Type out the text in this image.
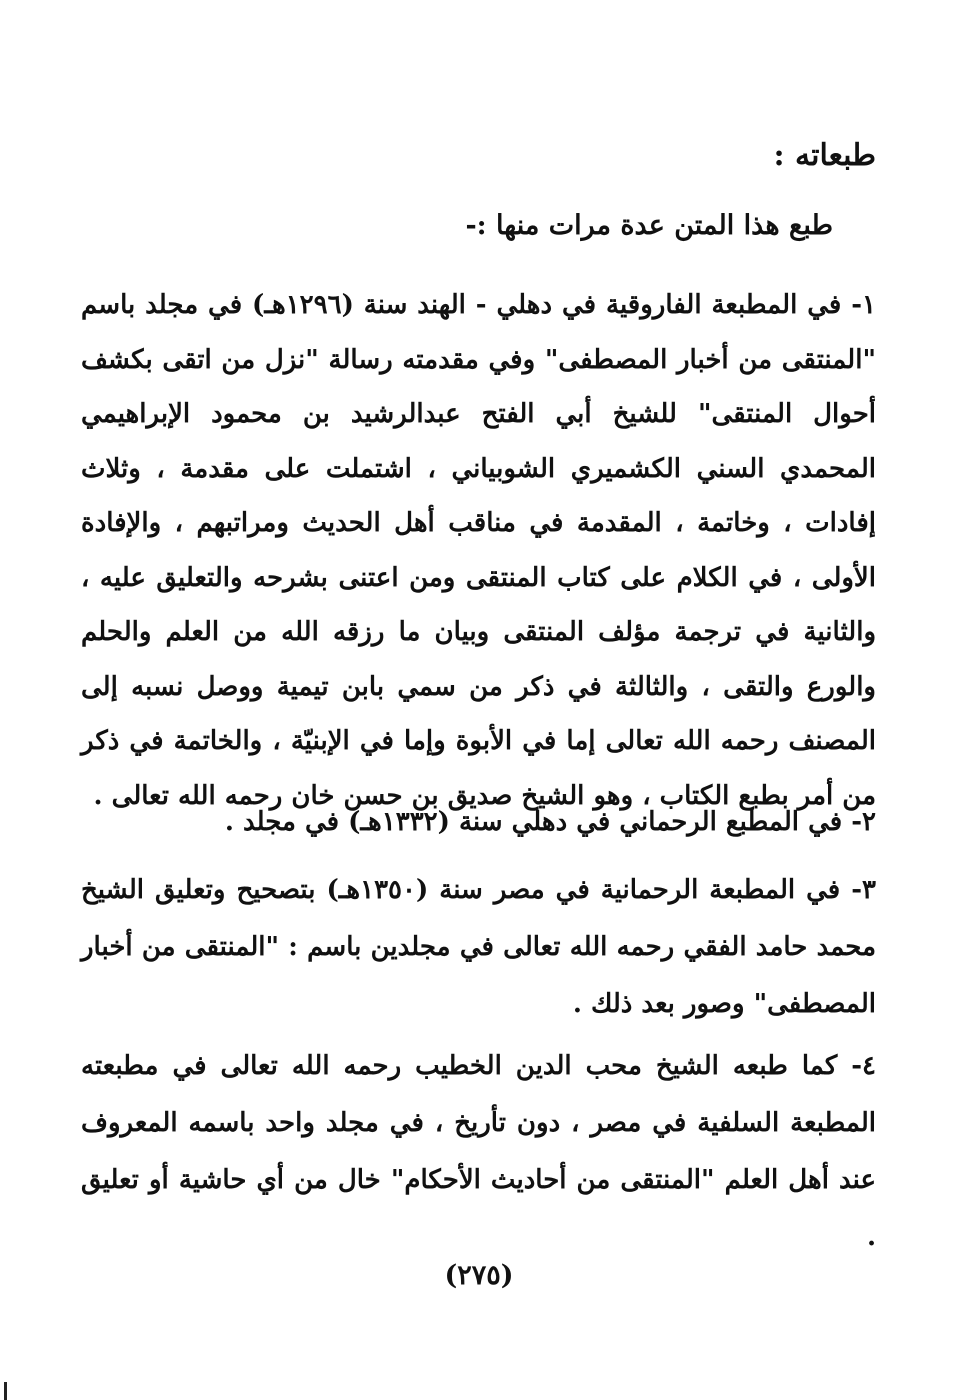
طبعاته :
طبع هذا المتن عدة مرات منها :-

١- في المطبعة الفاروقية في دهلي - الهند سنة (١٢٩٦هـ) في مجلد باسم "المنتقى من أخبار المصطفى" وفي مقدمته رسالة "نزل من اتقى بكشف أحوال المنتقى" للشيخ أبي الفتح عبدالرشيد بن محمود الإبراهيمي المحمدي السني الكشميري الشوبياني ، اشتملت على مقدمة ، وثلاث إفادات ، وخاتمة ، المقدمة في مناقب أهل الحديث ومراتبهم ، والإفادة الأولى ، في الكلام على كتاب المنتقى ومن اعتنى بشرحه والتعليق عليه ، والثانية في ترجمة مؤلف المنتقى وبيان ما رزقه الله من العلم والحلم والورع والتقى ، والثالثة في ذكر من سمي بابن تيمية ووصل نسبه إلى المصنف رحمه الله تعالى إما في الأبوة وإما في الإبنيّة ، والخاتمة في ذكر من أمر بطبع الكتاب ، وهو الشيخ صديق بن حسن خان رحمه الله تعالى .

٢- في المطبع الرحماني في دهلي سنة (١٣٣٢هـ) في مجلد .

٣- في المطبعة الرحمانية في مصر سنة (١٣٥٠هـ) بتصحيح وتعليق الشيخ محمد حامد الفقي رحمه الله تعالى في مجلدين باسم : "المنتقى من أخبار المصطفى" وصور بعد ذلك .

٤- كما طبعه الشيخ محب الدين الخطيب رحمه الله تعالى في مطبعته المطبعة السلفية في مصر ، دون تأريخ ، في مجلد واحد باسمه المعروف عند أهل العلم "المنتقى من أحاديث الأحكام" خال من أي حاشية أو تعليق .

(٢٧٥)
